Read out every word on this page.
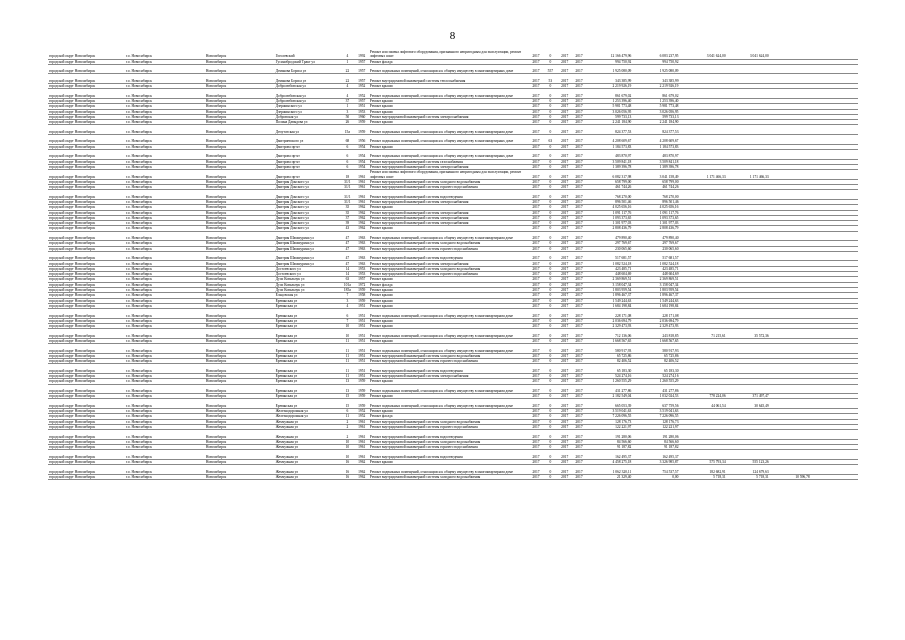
8
городской округ Новосибирск	г.о. Новосибирск	Новосибирск	Гоголевский	4	1992	Ремонт или замена лифтового оборудования, признанного непригодным для эксплуатации, ремонт лифтовых шахт	2017	0	2017	2017	12 166 479,96	6 083 237,95	3 041 624,00	3 041 624,00		
городской округ Новосибирск	г.о. Новосибирск	Новосибирск	Гусинобродский Тракт ул	1	1957	Ремонт фасада	2017	0	2017	2017	994 750,92	994 750,92				
городской округ Новосибирск	г.о. Новосибирск	Новосибирск	Демакова Бориса ул	22	1957	Ремонт подвальных помещений, относящихся к общему имуществу в многоквартирных доме	2017	557	2017	2017	1 925 080,09	1 925 080,09				
городской округ Новосибирск	г.о. Новосибирск	Новосибирск	Демакова Бориса ул	22	1957	Ремонт внутридомовой инженерной системы теплоснабжения	2017	53	2017	2017	343 385,99	343 385,99				
городской округ Новосибирск	г.о. Новосибирск	Новосибирск	Добролюбовская ул	4	1952	Ремонт крыши	2017	0	2017	2017	2 219 926,19	2 219 926,19				
городской округ Новосибирск	г.о. Новосибирск	Новосибирск	Добролюбовская ул	4	1952	Ремонт подвальных помещений, относящихся к общему имуществу в многоквартирном доме	2017	0	2017	2017	861 679,02	861 679,02				
городской округ Новосибирск	г.о. Новосибирск	Новосибирск	Добролюбовская ул	37	1957	Ремонт крыши	2017	0	2017	2017	1 253 396,40	1 253 396,40				
городской округ Новосибирск	г.о. Новосибирск	Новосибирск	Дзержинского ул	1	1951	Ремонт крыши	2017	0	2017	2017	5 981 773,48	5 981 773,48				
городской округ Новосибирск	г.о. Новосибирск	Новосибирск	Дзержинского ул	3	1953	Ремонт крыши	2017	0	2017	2017	3 026 056,95	3 026 056,95				
городской округ Новосибирск	г.о. Новосибирск	Новосибирск	Добровская ул	50	1960	Ремонт внутридомовой инженерной системы электроснабжения	2017	0	2017	2017	599 733,13	599 733,13				
городской округ Новосибирск	г.о. Новосибирск	Новосибирск	Полина Давыдова ул	26	1959	Ремонт крыши	2017	0	2017	2017	2 241 184,90	2 241 184,90				
городской округ Новосибирск	г.о. Новосибирск	Новосибирск	Депутатская ул	15а	1959	Ремонт подвальных помещений, относящихся к общему имуществу в многоквартирном доме	2017	0	2017	2017	824 377,53	824 377,53				
городской округ Новосибирск	г.о. Новосибирск	Новосибирск	Дмитриевского ул	68	1956	Ремонт подвальных помещений, относящихся к общему имуществу в многоквартирных доме	2017	63	2017	2017	4 208 609,67	4 208 609,67				
городской округ Новосибирск	г.о. Новосибирск	Новосибирск	Дмитрова пр-кт	6	1954	Ремонт крыши	2017	0	2017	2017	1 184 573,83	1 184 573,83				
городской округ Новосибирск	г.о. Новосибирск	Новосибирск	Дмитрова пр-кт	6	1954	Ремонт подвальных помещений, относящихся к общему имуществу в многоквартирных доме	2017	0	2017	2017	483 870,97	483 870,97				
городской округ Новосибирск	г.о. Новосибирск	Новосибирск	Дмитрова пр-кт	6	1954	Ремонт внутридомовой инженерной системы газоснабжения	2017	0	2017	2017	3 509 841,18	3 509 841,18				
городской округ Новосибирск	г.о. Новосибирск	Новосибирск	Дмитрова пр-кт	6	1954	Ремонт внутридомовой инженерной системы электроснабжения	2017	0	2017	2017	1 389 396,78	1 389 396,78				
городской округ Новосибирск	г.о. Новосибирск	Новосибирск	Дмитрова пр-кт	18	1961	Ремонт или замена лифтового оборудования, признанного непригодным для эксплуатации, ремонт лифтовых шахт	2017	0	2017	2017	6 082 317,98	3 041 158,49	1 171 466,33	1 171 466,33		
городской округ Новосибирск	г.о. Новосибирск	Новосибирск	Дмитрия Донского ул	31/1	1961	Ремонт внутридомовой инженерной системы холодного водоснабжения	2017	0	2017	2017	658 799,00	658 799,00				
городской округ Новосибирск	г.о. Новосибирск	Новосибирск	Дмитрия Донского ул	31/1	1961	Ремонт внутридомовой инженерной системы горячего водоснабжения	2017	0	2017	2017	461 744,26	461 744,26				
городской округ Новосибирск	г.о. Новосибирск	Новосибирск	Дмитрия Донского ул	31/1	1961	Ремонт внутридомовой инженерной системы водоотведения	2017	0	2017	2017	768 270,00	768 270,00				
городской округ Новосибирск	г.о. Новосибирск	Новосибирск	Дмитрия Донского ул	31/1	1961	Ремонт внутридомовой инженерной системы электроснабжения	2017	0	2017	2017	896 501,46	896 501,46				
городской округ Новосибирск	г.о. Новосибирск	Новосибирск	Дмитрия Донского ул	35	1962	Ремонт крыши	2017	0	2017	2017	4 025 656,16	4 025 656,16				
городской округ Новосибирск	г.о. Новосибирск	Новосибирск	Дмитрия Донского ул	35	1962	Ремонт внутридомовой инженерной системы электроснабжения	2017	0	2017	2017	1 091 117,76	1 091 117,76				
городской округ Новосибирск	г.о. Новосибирск	Новосибирск	Дмитрия Донского ул	37	1962	Ремонт внутридомовой инженерной системы электроснабжения	2017	0	2017	2017	1 093 373,65	1 093 373,65				
городской округ Новосибирск	г.о. Новосибирск	Новосибирск	Дмитрия Донского ул	39	1962	Ремонт внутридомовой инженерной системы электроснабжения	2017	0	2017	2017	1 301 977,03	1 301 977,03				
городской округ Новосибирск	г.о. Новосибирск	Новосибирск	Дмитрия Донского ул	43	1962	Ремонт крыши	2017	0	2017	2017	2 808 436,79	2 808 436,79				
городской округ Новосибирск	г.о. Новосибирск	Новосибирск	Дмитрия Шамшурина ул	47	1963	Ремонт подвальных помещений, относящихся к общему имуществу в многоквартирном доме	2017	0	2017	2017	479 890,40	479 890,40				
городской округ Новосибирск	г.о. Новосибирск	Новосибирск	Дмитрия Шамшурина ул	47	1963	Ремонт внутридомовой инженерной системы холодного водоснабжения	2017	0	2017	2017	297 769,67	297 769,67				
городской округ Новосибирск	г.о. Новосибирск	Новосибирск	Дмитрия Шамшурина ул	47	1963	Ремонт внутридомовой инженерной системы горячего водоснабжения	2017	0	2017	2017	230 065,60	230 065,60				
городской округ Новосибирск	г.о. Новосибирск	Новосибирск	Дмитрия Шамшурина ул	47	1963	Ремонт внутридомовой инженерной системы водоотведения	2017	0	2017	2017	517 681,57	517 681,57				
городской округ Новосибирск	г.о. Новосибирск	Новосибирск	Дмитрия Шамшурина ул	47	1963	Ремонт внутридомовой инженерной системы электроснабжения	2017	0	2017	2017	1 082 524,18	1 082 524,18				
городской округ Новосибирск	г.о. Новосибирск	Новосибирск	Достоевского ул	14	1953	Ремонт внутридомовой инженерной системы холодного водоснабжения	2017	0	2017	2017	423 485,71	423 485,71				
городской округ Новосибирск	г.о. Новосибирск	Новосибирск	Достоевского ул	14	1953	Ремонт внутридомовой инженерной системы горячего водоснабжения	2017	0	2017	2017	448 604,69	448 604,69				
городской округ Новосибирск	г.о. Новосибирск	Новосибирск	Дуси Ковальчук ул	63	1957	Ремонт крыши	2017	0	2017	2017	2 369 869,51	2 369 869,51				
городской округ Новосибирск	г.о. Новосибирск	Новосибирск	Дуси Ковальчук ул	101а	1972	Ремонт фасада	2017	0	2017	2017	3 158 047,34	3 158 047,34				
городской округ Новосибирск	г.о. Новосибирск	Новосибирск	Дуси Ковальчук ул	185а	1959	Ремонт крыши	2017	0	2017	2017	1 803 959,54	1 803 959,54				
городской округ Новосибирск	г.о. Новосибирск	Новосибирск	Ельцовская ул	7	1958	Ремонт крыши	2017	0	2017	2017	1 896 467,37	1 896 467,37				
городской округ Новосибирск	г.о. Новосибирск	Новосибирск	Ереванская ул	3	1959	Ремонт крыши	2017	0	2017	2017	1 549 244,63	1 549 244,63				
городской округ Новосибирск	г.о. Новосибирск	Новосибирск	Ереванская ул	4	1951	Ремонт крыши	2017	0	2017	2017	1 684 198,84	1 684 198,84				
городской округ Новосибирск	г.о. Новосибирск	Новосибирск	Ереванская ул	6	1951	Ремонт подвальных помещений, относящихся к общему имуществу в многоквартирном доме	2017	0	2017	2017	228 171,08	228 171,08				
городской округ Новосибирск	г.о. Новосибирск	Новосибирск	Ереванская ул	7	1951	Ремонт крыши	2017	0	2017	2017	2 036 694,79	2 036 694,79				
городской округ Новосибирск	г.о. Новосибирск	Новосибирск	Ереванская ул	10	1951	Ремонт крыши	2017	0	2017	2017	2 329 473,93	2 329 473,93				
городской округ Новосибирск	г.о. Новосибирск	Новосибирск	Ереванская ул	10	1951	Ремонт подвальных помещений, относящихся к общему имуществу в многоквартирном доме	2017	0	2017	2017	712 136,06	243 818,85	71 215,61	35 572,36		
городской округ Новосибирск	г.о. Новосибирск	Новосибирск	Ереванская ул	11	1951	Ремонт крыши	2017	0	2017	2017	1 668 567,65	1 668 567,65				
городской округ Новосибирск	г.о. Новосибирск	Новосибирск	Ереванская ул	11	1951	Ремонт подвальных помещений, относящихся к общему имуществу в многоквартирном доме	2017	0	2017	2017	580 917,93	580 917,93				
городской округ Новосибирск	г.о. Новосибирск	Новосибирск	Ереванская ул	11	1951	Ремонт внутридомовой инженерной системы холодного водоснабжения	2017	0	2017	2017	65 725,86	65 725,86				
городской округ Новосибирск	г.о. Новосибирск	Новосибирск	Ереванская ул	11	1951	Ремонт внутридомовой инженерной системы горячего водоснабжения	2017	0	2017	2017	82 406,52	82 406,52				
городской округ Новосибирск	г.о. Новосибирск	Новосибирск	Ереванская ул	11	1951	Ремонт внутридомовой инженерной системы водоотведения	2017	0	2017	2017	65 183,30	65 183,30				
городской округ Новосибирск	г.о. Новосибирск	Новосибирск	Ереванская ул	11	1951	Ремонт внутридомовой инженерной системы электроснабжения	2017	0	2017	2017	524 274,16	524 274,16				
городской округ Новосибирск	г.о. Новосибирск	Новосибирск	Ереванская ул	13	1959	Ремонт крыши	2017	0	2017	2017	1 260 555,29	1 260 555,29				
городской округ Новосибирск	г.о. Новосибирск	Новосибирск	Ереванская ул	13	1959	Ремонт подвальных помещений, относящихся к общему имуществу в многоквартирном доме	2017	0	2017	2017	431 277,86	431 277,86				
городской округ Новосибирск	г.о. Новосибирск	Новосибирск	Ереванская ул	15	1959	Ремонт крыши	2017	0	2017	2017	2 182 549,04	1 032 024,53	778 224,06	371 497,47		
городской округ Новосибирск	г.о. Новосибирск	Новосибирск	Ереванская ул	15	1959	Ремонт подвальных помещений, относящихся к общему имуществу в многоквартирном доме	2017	0	2017	2017	665 053,39	637 759,56	44 061,54	30 645,49		
городской округ Новосибирск	г.о. Новосибирск	Новосибирск	Железнодорожная ул	6	1952	Ремонт крыши	2017	0	2017	2017	3 519 041,63	3 519 041,63				
городской округ Новосибирск	г.о. Новосибирск	Новосибирск	Железнодорожная ул	11	1952	Ремонт фасада	2017	0	2017	2017	7 226 096,55	7 226 096,55				
городской округ Новосибирск	г.о. Новосибирск	Новосибирск	Жемчужная ул	2	1961	Ремонт внутридомовой инженерной системы холодного водоснабжения	2017	0	2017	2017	128 176,73	128 176,73				
городской округ Новосибирск	г.о. Новосибирск	Новосибирск	Жемчужная ул	2	1961	Ремонт внутридомовой инженерной системы горячего водоснабжения	2017	0	2017	2017	122 221,97	122 221,97				
городской округ Новосибирск	г.о. Новосибирск	Новосибирск	Жемчужная ул	2	1961	Ремонт внутридомовой инженерной системы водоотведения	2017	0	2017	2017	191 280,06	191 280,06				
городской округ Новосибирск	г.о. Новосибирск	Новосибирск	Жемчужная ул	10	1961	Ремонт внутридомовой инженерной системы холодного водоснабжения	2017	0	2017	2017	84 566,60	84 566,60				
городской округ Новосибирск	г.о. Новосибирск	Новосибирск	Жемчужная ул	10	1961	Ремонт внутридомовой инженерной системы горячего водоснабжения	2017	0	2017	2017	91 187,82	91 187,82				
городской округ Новосибирск	г.о. Новосибирск	Новосибирск	Жемчужная ул	10	1961	Ремонт внутридомовой инженерной системы водоотведения	2017	0	2017	2017	162 495,37	162 495,37				
городской округ Новосибирск	г.о. Новосибирск	Новосибирск	Жемчужная ул	16	1962	Ремонт крыши	2017	0	2017	2017	4 458 275,18	3 326 985,87	575 793,34	555 123,26		
городской округ Новосибирск	г.о. Новосибирск	Новосибирск	Жемчужная ул	16	1962	Ремонт подвальных помещений, относящихся к общему имуществу в многоквартирном доме	2017	0	2017	2017	1 062 320,11	754 537,57	182 682,91	124 679,63		
городской округ Новосибирск	г.о. Новосибирск	Новосибирск	Жемчужная ул	16	1962	Ремонт внутридомовой инженерной системы холодного водоснабжения	2017	0	2017	2017	21 329,40	0,00	5 718,31	5 718,31	10 596,78	
